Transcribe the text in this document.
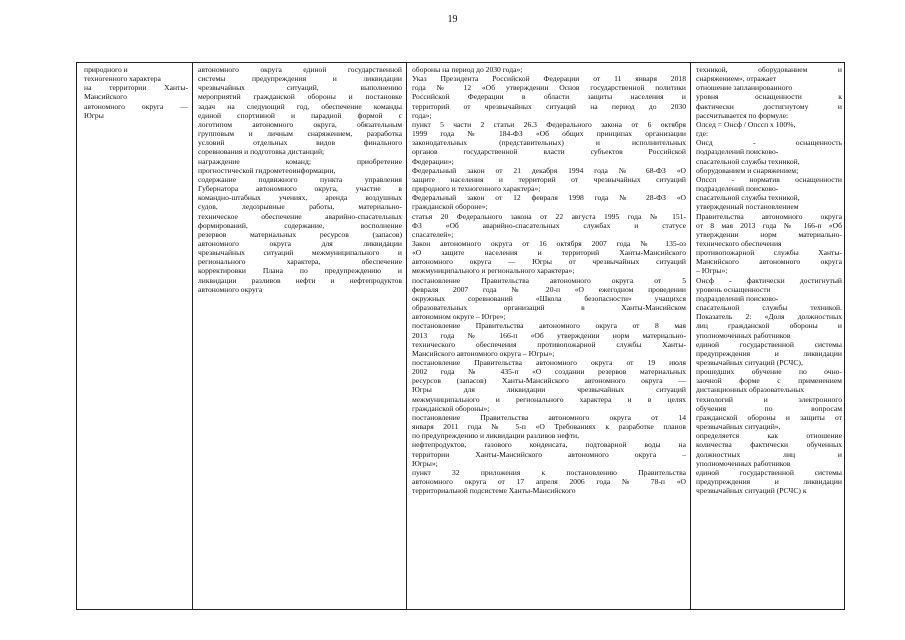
19

природного и

техногенного характера

на территории Ханты-

Мансийского

автономного округа —

Югры

автономного округа единой государственной

системы предупреждения и ликвидации

чрезвычайных ситуаций, выполнению

мероприятий гражданской обороны и постановке

задач на следующий год, обеспечение команды

единой спортивной и парадной формой с

логотипом автономного округа, обязательным

групповым и личным снаряжением, разработка

условий отдельных видов финального

соревнования и подготовка дистанций;

награждение команд; приобретение

прогностической гидрометеоинформации,

содержание подвижного пункта управления

Губернатора автономного округа, участие в

командно-штабных учениях, аренда воздушных

судов, ледозрывные работы, материально-

техническое обеспечение аварийно-спасательных

формирований, содержание, восполнение

резервов материальных ресурсов (запасов)

автономного округа для ликвидации

чрезвычайных ситуаций межмуниципального и

регионального характера, обеспечение

корректировки Плана по предупреждению и

ликвидации разливов нефти и нефтепродуктов

автономного округа

обороны на период до 2030 года»;

Указ Президента Российской Федерации от 11 января 2018

года № 12 «Об утверждении Основ государственной политики

Российской Федерации в области защиты населения и

территорий от чрезвычайных ситуаций на период до 2030

года»;

пункт 5 части 2 статьи 26.3 Федерального закона от 6 октября

1999 года № 184-ФЗ «Об общих принципах организации

законодательных (представительных) и исполнительных

органов государственной власти субъектов Российской

Федерации»;

Федеральный закон от 21 декабря 1994 года № 68-ФЗ «О

защите населения и территорий от чрезвычайных ситуаций

природного и техногенного характера»;

Федеральный закон от 12 февраля 1998 года № 28-ФЗ «О

гражданской обороне»;

статья 20 Федерального закона от 22 августа 1995 года № 151-

ФЗ «Об аварийно-спасательных службах и статусе

спасателей»;

Закон автономного округа от 16 октября 2007 года № 135-оз

«О защите населения и территорий Ханты-Мансийского

автономного округа — Югры от чрезвычайных ситуаций

межмуниципального и регионального характера»;

постановление Правительства автономного округа от 5

февраля 2007 года № 20-п «О ежегодном проведении

окружных соревнований «Школа безопасности» учащихся

образовательных организаций в Ханты-Мансийском

автономном округе – Югре»;

постановление Правительства автономного округа от 8 мая

2013 года № 166-п «Об утверждении норм материально-

технического обеспечения противопожарной службы Ханты-

Мансийского автономного округа – Югры»;

постановление Правительства автономного округа от 19 июля

2002 года № 435-п «О создании резервов материальных

ресурсов (запасов) Ханты-Мансийского автономного округа —

Югры для ликвидации чрезвычайных ситуаций

межмуниципального и регионального характера и в целях

гражданской обороны»;

постановление Правительства автономного округа от 14

января 2011 года № 5-п «О Требованиях к разработке планов

по предупреждению и ликвидации разливов нефти,

нефтепродуктов, газового конденсата, подтоварной воды на

территории Ханты-Мансийского автономного округа –

Югры»;

пункт 32 приложения к постановлению Правительства

автономного округа от 17 апреля 2006 года № 78-п «О

территориальной подсистеме Ханты-Мансийского

техникой, оборудованием и

снаряжением», отражает

отношение запланированного

уровня оснащенности к

фактически достигнутому и

рассчитывается по формуле:

Олсед = Онсф / Опссп х 100%,

где:

Онсд - оснащенность

подразделений поисково-

спасательной службы техникой,

оборудованием и снаряжением;

Опссп - норматив оснащенности

подразделений поисково-

спасательной службы техникой,

утвержденный постановлением

Правительства автономного округа

от 8 мая 2013 года № 166-п «Об

утверждении норм материально-

технического обеспечения

противопожарной службы Ханты-

Мансийского автономного округа

– Югры»;

Онсф - фактически достигнутый

уровень оснащенности

подразделений поисково-

спасательной службы техникой.

Показатель 2: «Доля должностных

лиц гражданской обороны и

уполномоченных работников

единой государственной системы

предупреждения и ликвидации

чрезвычайных ситуаций (РСЧС),

прошедших обучение по очно-

заочной форме с применением

дистанционных образовательных

технологий и электронного

обучения по вопросам

гражданской обороны и защиты от

чрезвычайных ситуаций»,

определяется как отношение

количества фактически обученных

должностных лиц и

уполномоченных работников

единой государственной системы

предупреждения и ликвидации

чрезвычайных ситуаций (РСЧС) к
